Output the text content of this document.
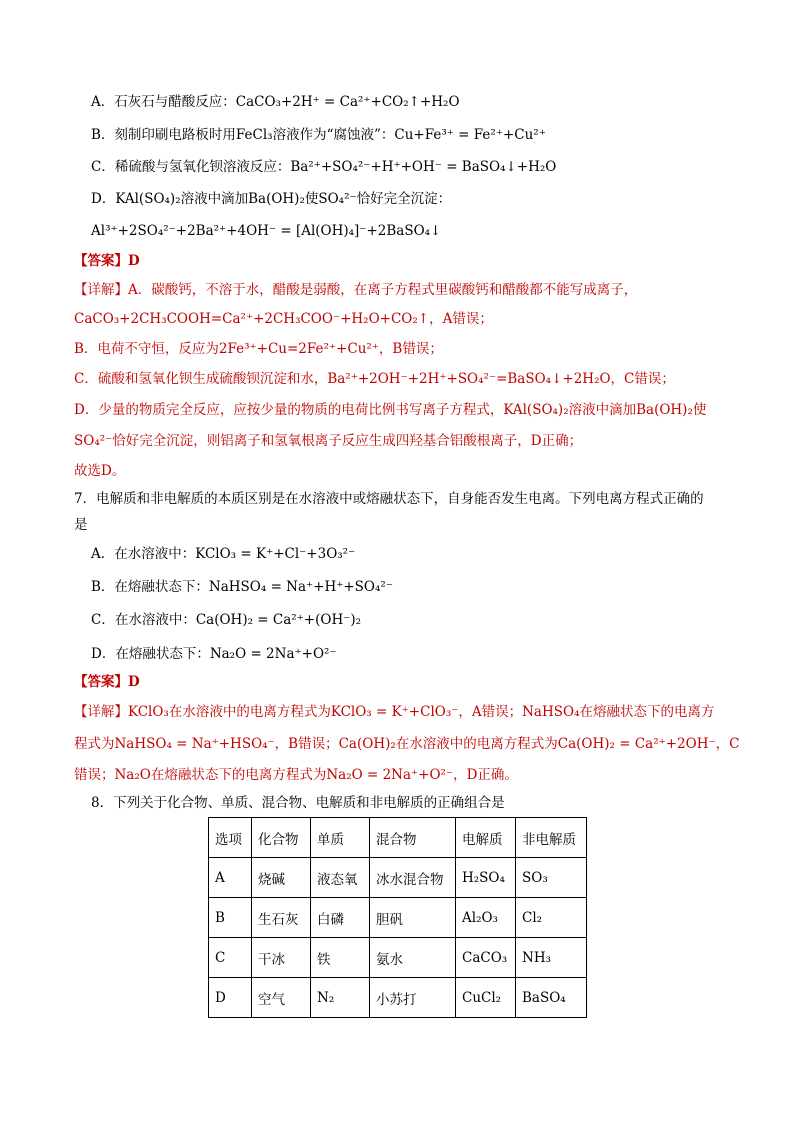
A．石灰石与醋酸反应：CaCO₃+2H⁺ = Ca²⁺+CO₂↑+H₂O
B．刻制印刷电路板时用FeCl₃溶液作为“腐蚀液”：Cu+Fe³⁺ = Fe²⁺+Cu²⁺
C．稀硫酸与氢氧化钡溶液反应：Ba²⁺+SO₄²⁻+H⁺+OH⁻ = BaSO₄↓+H₂O
D．KAl(SO₄)₂溶液中滴加Ba(OH)₂使SO₄²⁻恰好完全沉淀：
Al³⁺+2SO₄²⁻+2Ba²⁺+4OH⁻ = [Al(OH)₄]⁻+2BaSO₄↓
【答案】D
【详解】A．碳酸钙，不溶于水，醋酸是弱酸，在离子方程式里碳酸钙和醋酸都不能写成离子，
CaCO₃+2CH₃COOH=Ca²⁺+2CH₃COO⁻+H₂O+CO₂↑，A错误；
B．电荷不守恒，反应为2Fe³⁺+Cu=2Fe²⁺+Cu²⁺，B错误；
C．硫酸和氢氧化钡生成硫酸钡沉淀和水，Ba²⁺+2OH⁻+2H⁺+SO₄²⁻=BaSO₄↓+2H₂O，C错误；
D．少量的物质完全反应，应按少量的物质的电荷比例书写离子方程式，KAl(SO₄)₂溶液中滴加Ba(OH)₂使
SO₄²⁻恰好完全沉淀，则铝离子和氢氧根离子反应生成四羟基合铝酸根离子，D正确；
故选D。
7．电解质和非电解质的本质区别是在水溶液中或熔融状态下，自身能否发生电离。下列电离方程式正确的
是
A．在水溶液中：KClO₃ = K⁺+Cl⁻+3O₃²⁻
B．在熔融状态下：NaHSO₄ = Na⁺+H⁺+SO₄²⁻
C．在水溶液中：Ca(OH)₂ = Ca²⁺+(OH⁻)₂
D．在熔融状态下：Na₂O = 2Na⁺+O²⁻
【答案】D
【详解】KClO₃在水溶液中的电离方程式为KClO₃ = K⁺+ClO₃⁻，A错误；NaHSO₄在熔融状态下的电离方
程式为NaHSO₄ = Na⁺+HSO₄⁻，B错误；Ca(OH)₂在水溶液中的电离方程式为Ca(OH)₂ = Ca²⁺+2OH⁻，C
错误；Na₂O在熔融状态下的电离方程式为Na₂O = 2Na⁺+O²⁻，D正确。
8．下列关于化合物、单质、混合物、电解质和非电解质的正确组合是
选项	化合物	单质	混合物	电解质	非电解质
A	烧碱	液态氧	冰水混合物	H₂SO₄	SO₃
B	生石灰	白磷	胆矾	Al₂O₃	Cl₂
C	干冰	铁	氨水	CaCO₃	NH₃
D	空气	N₂	小苏打	CuCl₂	BaSO₄
